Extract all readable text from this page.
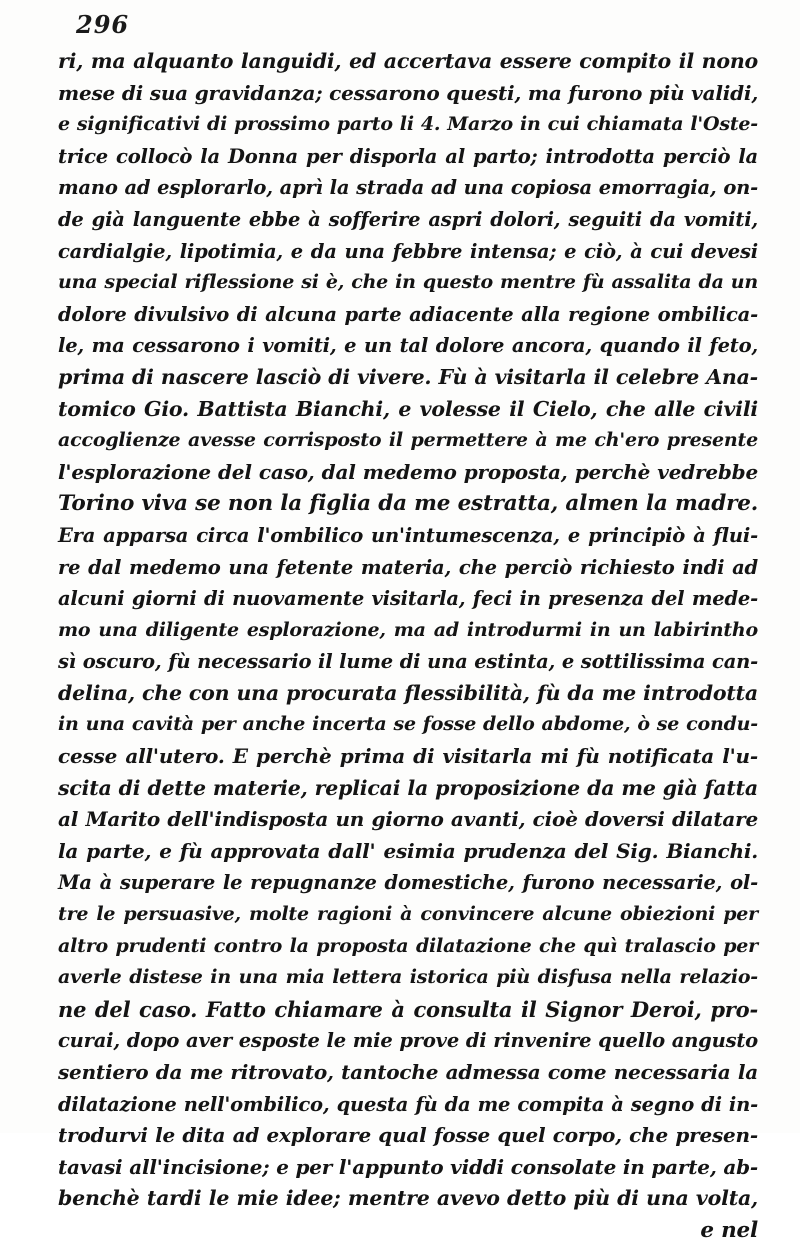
296
ri, ma alquanto languidi, ed accertava essere compito il nono
mese di sua gravidanza; cessarono questi, ma furono più validi,
e significativi di prossimo parto li 4. Marzo in cui chiamata l'Oste-
trice collocò la Donna per disporla al parto; introdotta perciò la
mano ad esplorarlo, aprì la strada ad una copiosa emorragia, on-
de già languente ebbe à sofferire aspri dolori, seguiti da vomiti,
cardialgie, lipotimia, e da una febbre intensa; e ciò, à cui devesi
una special riflessione si è, che in questo mentre fù assalita da un
dolore divulsivo di alcuna parte adiacente alla regione ombilica-
le, ma cessarono i vomiti, e un tal dolore ancora, quando il feto,
prima di nascere lasciò di vivere. Fù à visitarla il celebre Ana-
tomico Gio. Battista Bianchi, e volesse il Cielo, che alle civili
accoglienze avesse corrisposto il permettere à me ch'ero presente
l'esplorazione del caso, dal medemo proposta, perchè vedrebbe
Torino viva se non la figlia da me estratta, almen la madre.
Era apparsa circa l'ombilico un'intumescenza, e principiò à flui-
re dal medemo una fetente materia, che perciò richiesto indi ad
alcuni giorni di nuovamente visitarla, feci in presenza del mede-
mo una diligente esplorazione, ma ad introdurmi in un labirintho
sì oscuro, fù necessario il lume di una estinta, e sottilissima can-
delina, che con una procurata flessibilità, fù da me introdotta
in una cavità per anche incerta se fosse dello abdome, ò se condu-
cesse all'utero. E perchè prima di visitarla mi fù notificata l'u-
scita di dette materie, replicai la proposizione da me già fatta
al Marito dell'indisposta un giorno avanti, cioè doversi dilatare
la parte, e fù approvata dall' esimia prudenza del Sig. Bianchi.
Ma à superare le repugnanze domestiche, furono necessarie, ol-
tre le persuasive, molte ragioni à convincere alcune obiezioni per
altro prudenti contro la proposta dilatazione che quì tralascio per
averle distese in una mia lettera istorica più disfusa nella relazio-
ne del caso. Fatto chiamare à consulta il Signor Deroi, pro-
curai, dopo aver esposte le mie prove di rinvenire quello angusto
sentiero da me ritrovato, tantoche admessa come necessaria la
dilatazione nell'ombilico, questa fù da me compita à segno di in-
trodurvi le dita ad explorare qual fosse quel corpo, che presen-
tavasi all'incisione; e per l'appunto viddi consolate in parte, ab-
benchè tardi le mie idee; mentre avevo detto più di una volta,
e nel
